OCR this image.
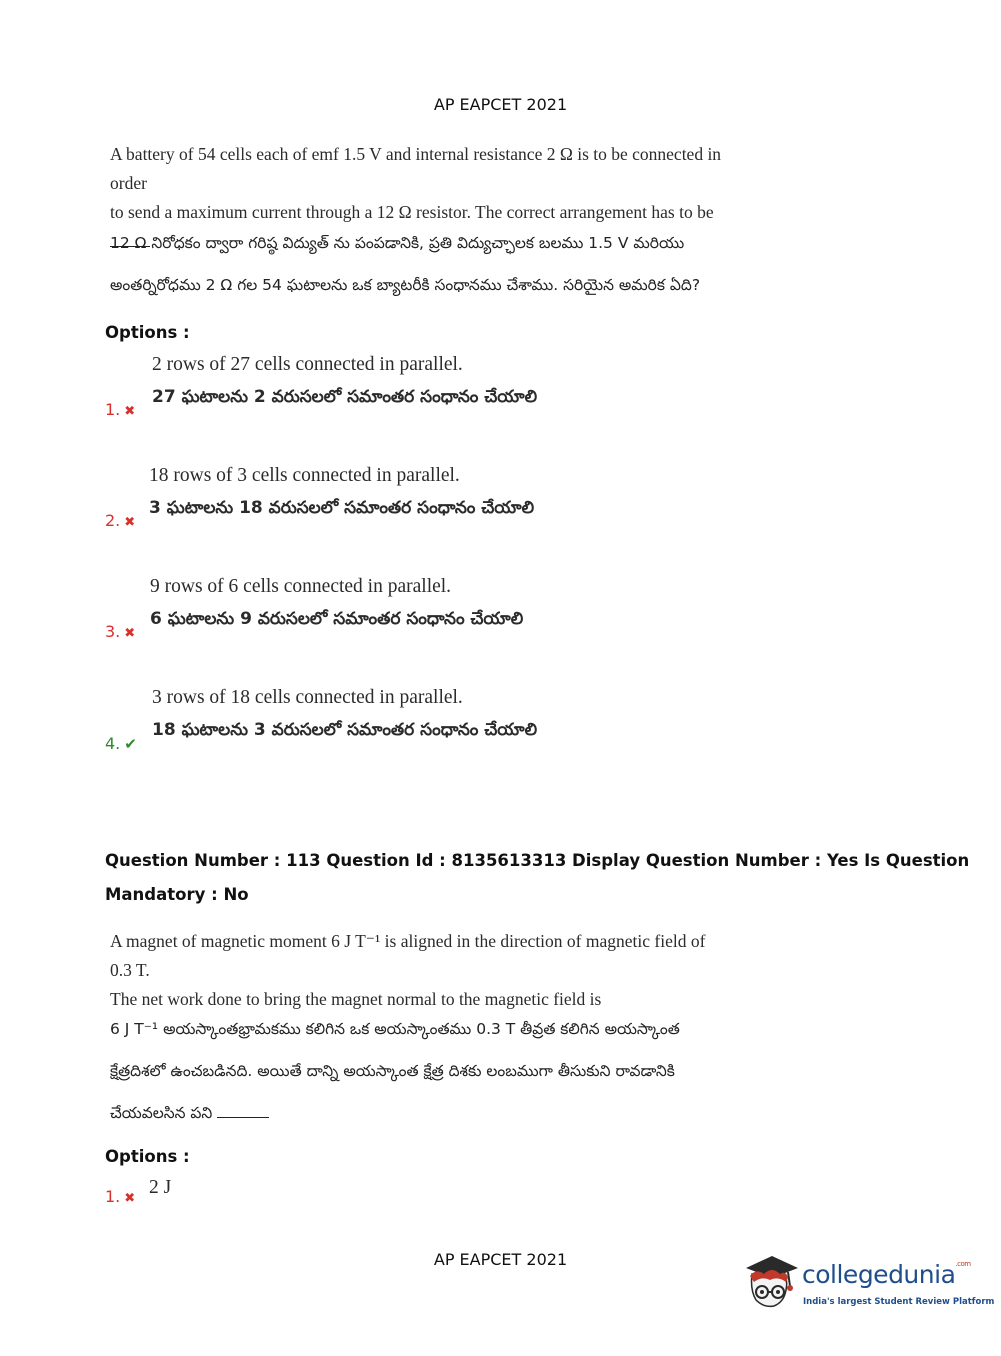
AP EAPCET 2021
A battery of 54 cells each of emf 1.5 V and internal resistance 2 Ω is to be connected in order
to send a maximum current through a 12 Ω resistor. The correct arrangement has to be
12 Ω నిరోధకం ద్వారా గరిష్ఠ విద్యుత్ ను పంపడానికి, ప్రతి విద్యుచ్ఛాలక బలము 1.5 V మరియు
అంతర్నిరోధము 2 Ω గల 54 ఘటాలను ఒక బ్యాటరీకి సంధానము చేశాము. సరియైన అమరిక ఏది?
Options :
2 rows of 27 cells connected in parallel.
27 ఘటాలను 2 వరుసలలో సమాంతర సంధానం చేయాలి
1. ✖
18 rows of 3 cells connected in parallel.
3 ఘటాలను 18 వరుసలలో సమాంతర సంధానం చేయాలి
2. ✖
9 rows of 6 cells connected in parallel.
6 ఘటాలను 9 వరుసలలో సమాంతర సంధానం చేయాలి
3. ✖
3 rows of 18 cells connected in parallel.
18 ఘటాలను 3 వరుసలలో సమాంతర సంధానం చేయాలి
4. ✔
Question Number : 113 Question Id : 8135613313 Display Question Number : Yes Is Question
Mandatory : No
A magnet of magnetic moment 6 J T⁻¹ is aligned in the direction of magnetic field of 0.3 T.
The net work done to bring the magnet normal to the magnetic field is
6 J T⁻¹ అయస్కాంతభ్రామకము కలిగిన ఒక అయస్కాంతము 0.3 T తీవ్రత కలిగిన అయస్కాంత
క్షేత్రదిశలో ఉంచబడినది. అయితే దాన్ని అయస్కాంత క్షేత్ర దిశకు లంబముగా తీసుకుని రావడానికి
చేయవలసిన పని
Options :
2 J
1. ✖
AP EAPCET 2021
collegedunia$^{.com}$
India's largest Student Review Platform
